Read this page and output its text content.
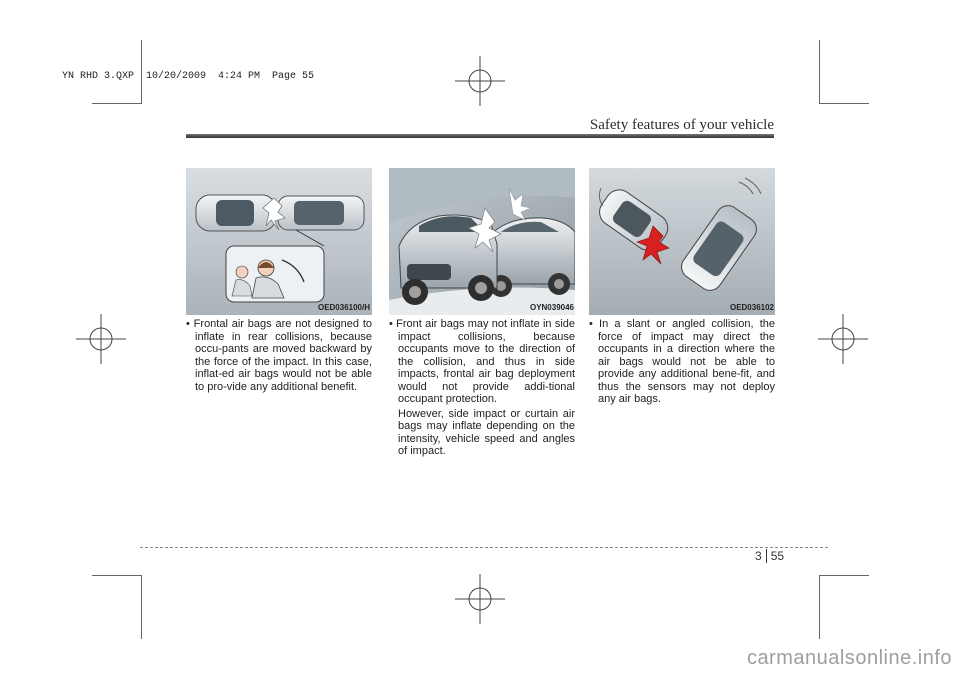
YN RHD 3.QXP  10/20/2009  4:24 PM  Page 55
Safety features of your vehicle
OED036100/H	OYN039046	OED036102

• Frontal air bags are not designed to inflate in rear collisions, because occu-pants are moved backward by the force of the impact. In this case, inflat-ed air bags would not be able to pro-vide any additional benefit.

• Front air bags may not inflate in side impact collisions, because occupants move to the direction of the collision, and thus in side impacts, frontal air bag deployment would not provide addi-tional occupant protection.

However, side impact or curtain air bags may inflate depending on the intensity, vehicle speed and angles of impact.

• In a slant or angled collision, the force of impact may direct the occupants in a direction where the air bags would not be able to provide any additional bene-fit, and thus the sensors may not deploy any air bags.

3 55
carmanualsonline.info
